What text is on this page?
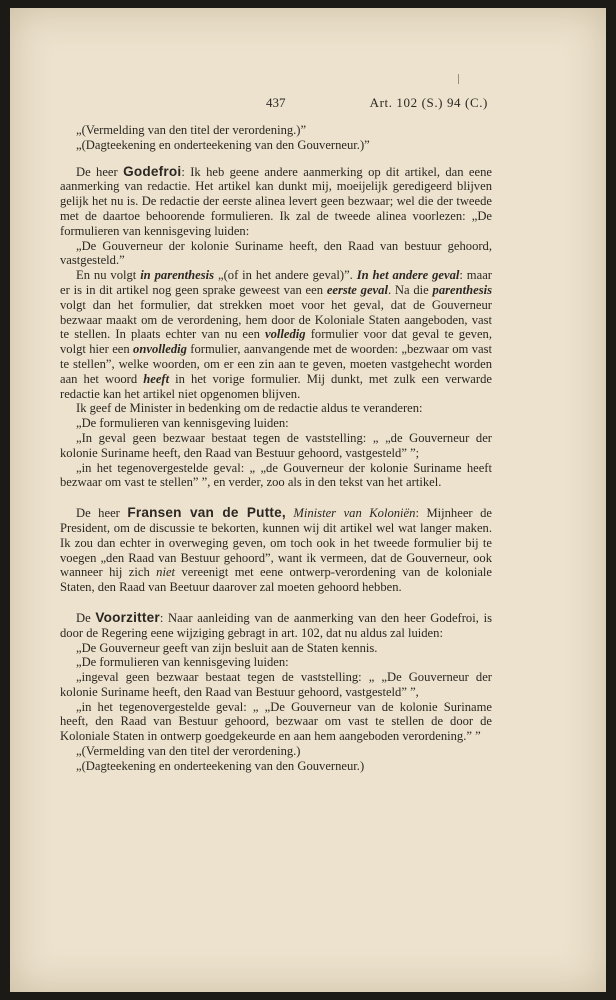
437	Art. 102 (S.) 94 (C.)

„(Vermelding van den titel der verordening.)”

„(Dagteekening en onderteekening van den Gouverneur.)”

De heer Godefroi: Ik heb geene andere aanmerking op dit artikel, dan eene aanmerking van redactie. Het artikel kan dunkt mij, moeijelijk geredigeerd blijven gelijk het nu is. De redactie der eerste alinea levert geen bezwaar; wel die der tweede met de daartoe behoorende formulieren. Ik zal de tweede alinea voorlezen: „De formulieren van kennisgeving luiden:

„De Gouverneur der kolonie Suriname heeft, den Raad van bestuur gehoord, vastgesteld.”

En nu volgt in parenthesis „(of in het andere geval)”. In het andere geval: maar er is in dit artikel nog geen sprake geweest van een eerste geval. Na die parenthesis volgt dan het formulier, dat strekken moet voor het geval, dat de Gouverneur bezwaar maakt om de verordening, hem door de Koloniale Staten aangeboden, vast te stellen. In plaats echter van nu een volledig formulier voor dat geval te geven, volgt hier een onvolledig formulier, aanvangende met de woorden: „bezwaar om vast te stellen”, welke woorden, om er een zin aan te geven, moeten vastgehecht worden aan het woord heeft in het vorige formulier. Mij dunkt, met zulk een verwarde redactie kan het artikel niet opgenomen blijven.

Ik geef de Minister in bedenking om de redactie aldus te veranderen:

„De formulieren van kennisgeving luiden:

„In geval geen bezwaar bestaat tegen de vaststelling: „ „de Gouverneur der kolonie Suriname heeft, den Raad van Bestuur gehoord, vastgesteld” ”;

„in het tegenovergestelde geval: „ „de Gouverneur der kolonie Suriname heeft bezwaar om vast te stellen” ”, en verder, zoo als in den tekst van het artikel.

De heer Fransen van de Putte, Minister van Koloniën: Mijnheer de President, om de discussie te bekorten, kunnen wij dit artikel wel wat langer maken. Ik zou dan echter in overweging geven, om toch ook in het tweede formulier bij te voegen „den Raad van Bestuur gehoord”, want ik vermeen, dat de Gouverneur, ook wanneer hij zich niet vereenigt met eene ontwerp-verordening van de koloniale Staten, den Raad van Beetuur daarover zal moeten gehoord hebben.

De Voorzitter: Naar aanleiding van de aanmerking van den heer Godefroi, is door de Regering eene wijziging gebragt in art. 102, dat nu aldus zal luiden:

„De Gouverneur geeft van zijn besluit aan de Staten kennis.

„De formulieren van kennisgeving luiden:

„ingeval geen bezwaar bestaat tegen de vaststelling: „ „De Gouverneur der kolonie Suriname heeft, den Raad van Bestuur gehoord, vastgesteld” ”,

„in het tegenovergestelde geval: „ „De Gouverneur van de kolonie Suriname heeft, den Raad van Bestuur gehoord, bezwaar om vast te stellen de door de Koloniale Staten in ontwerp goedgekeurde en aan hem aangeboden verordening.” ”

„(Vermelding van den titel der verordening.)

„(Dagteekening en onderteekening van den Gouverneur.)
